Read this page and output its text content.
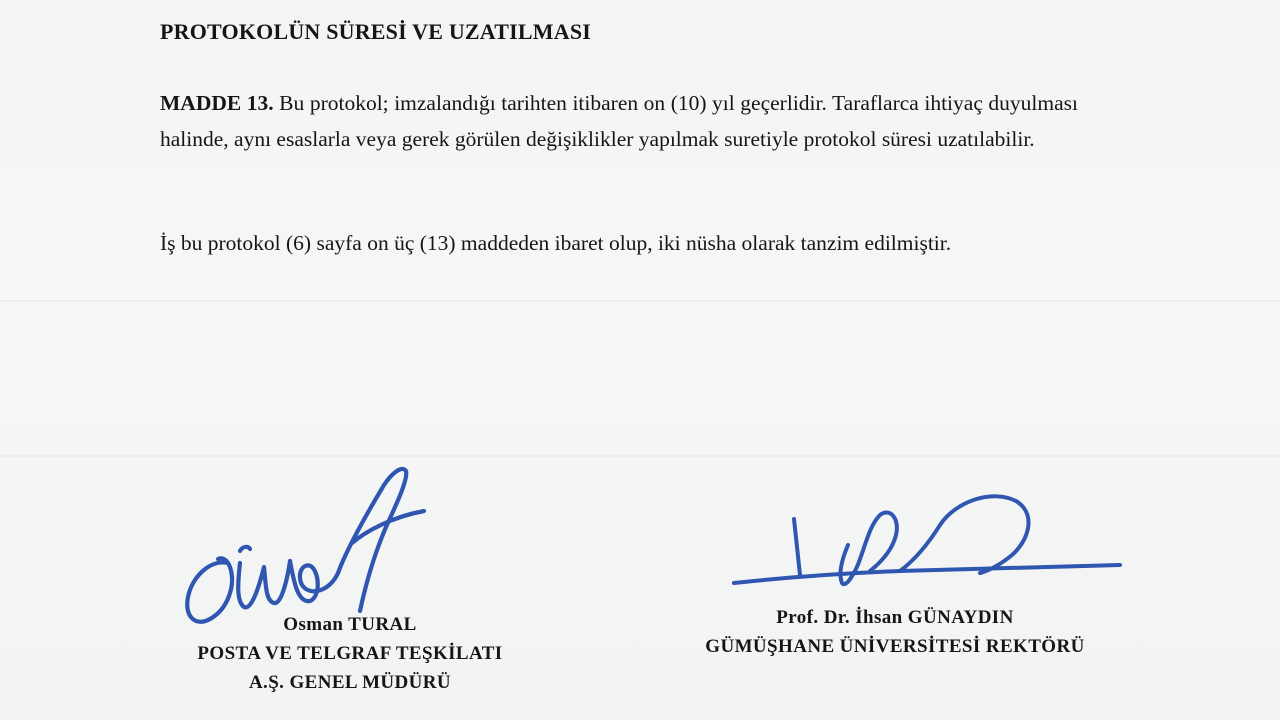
PROTOKOLÜN SÜRESİ VE UZATILMASI
MADDE 13. Bu protokol; imzalandığı tarihten itibaren on (10) yıl geçerlidir. Taraflarca ihtiyaç duyulması halinde, aynı esaslarla veya gerek görülen değişiklikler yapılmak suretiyle protokol süresi uzatılabilir.
İş bu protokol (6) sayfa on üç (13) maddeden ibaret olup, iki nüsha olarak tanzim edilmiştir.
Osman TURAL
POSTA VE TELGRAF TEŞKİLATI
A.Ş. GENEL MÜDÜRÜ
Prof. Dr. İhsan GÜNAYDIN
GÜMÜŞHANE ÜNİVERSİTESİ REKTÖRÜ
